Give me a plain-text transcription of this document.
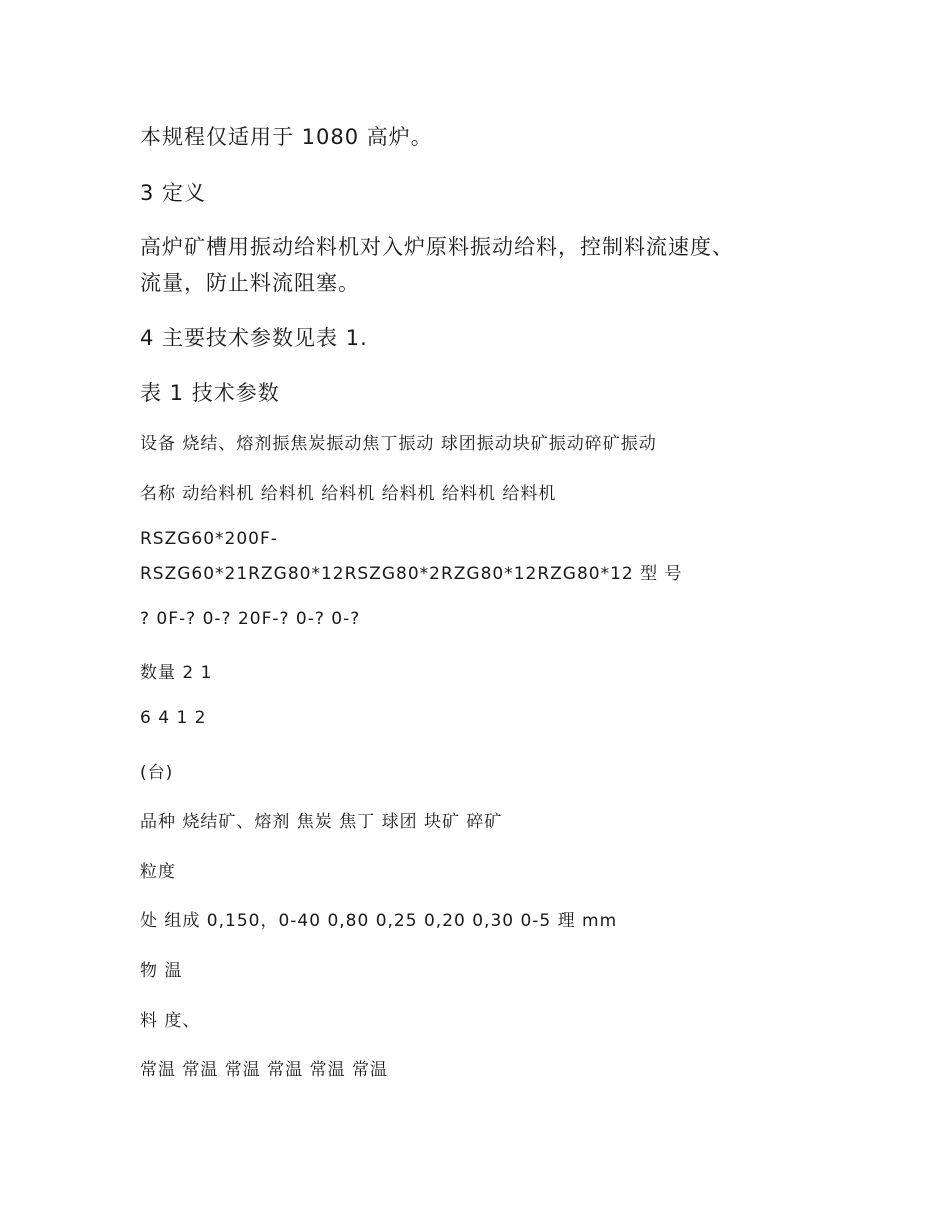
本规程仅适用于 1080 高炉。
3 定义
高炉矿槽用振动给料机对入炉原料振动给料，控制料流速度、
流量，防止料流阻塞。
4 主要技术参数见表 1.
表 1 技术参数
设备 烧结、熔剂振焦炭振动焦丁振动 球团振动块矿振动碎矿振动
名称 动给料机 给料机 给料机 给料机 给料机 给料机
RSZG60*200F-
RSZG60*21RZG80*12RSZG80*2RZG80*12RZG80*12 型 号
? 0F-? 0-? 20F-? 0-? 0-?
数量 2 1
6 4 1 2
(台)
品种 烧结矿、熔剂 焦炭 焦丁 球团 块矿 碎矿
粒度
处 组成 0,150，0-40 0,80 0,25 0,20 0,30 0-5 理 mm
物 温
料 度、
常温 常温 常温 常温 常温 常温
